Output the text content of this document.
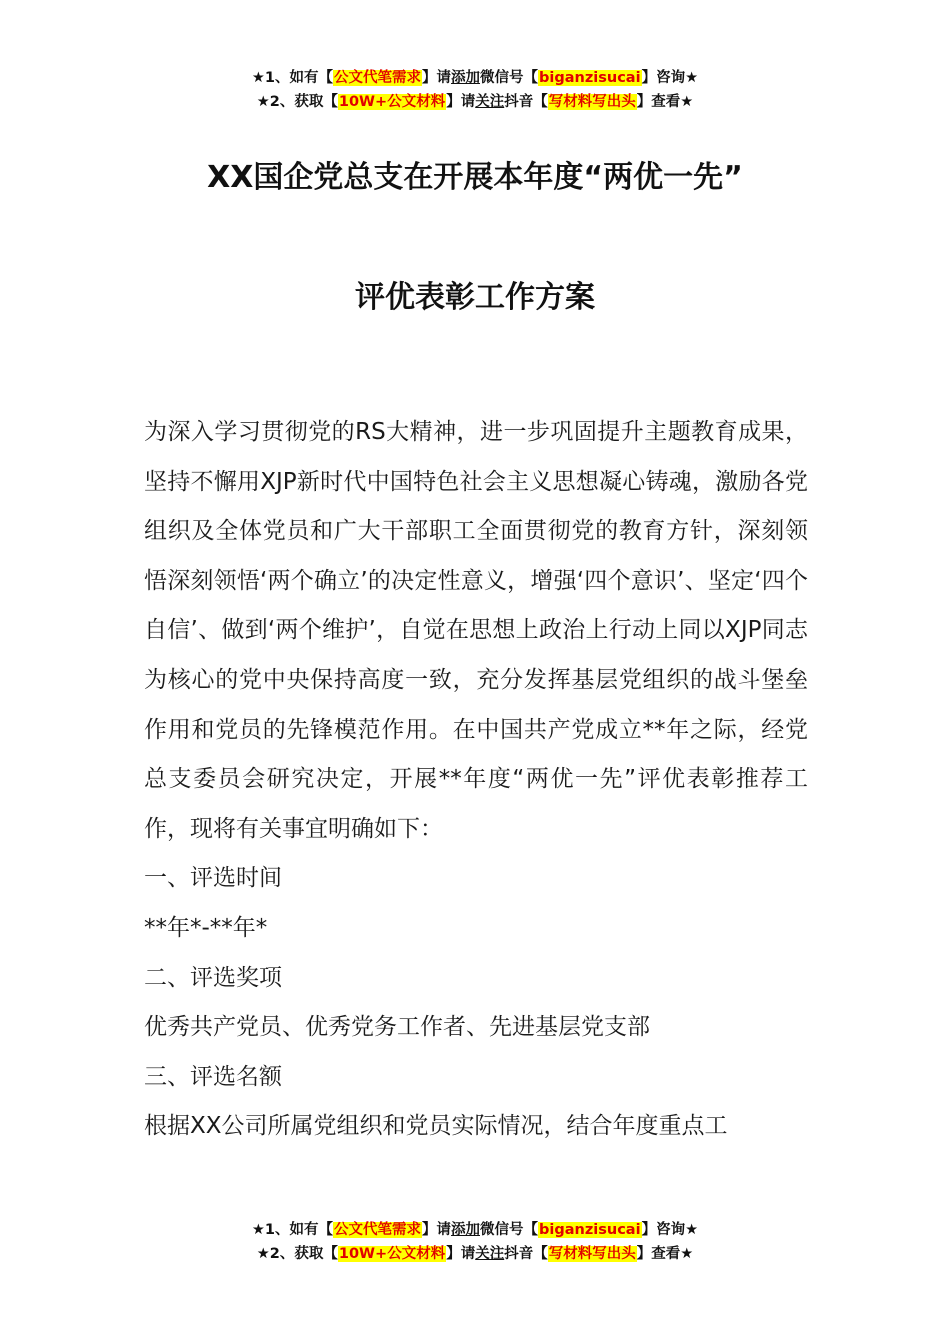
★1、如有【公文代笔需求】请添加微信号【biganzisucai】咨询★
★2、获取【10W+公文材料】请关注抖音【写材料写出头】查看★
XX国企党总支在开展本年度“两优一先”
评优表彰工作方案

为深入学习贯彻党的RS大精神，进一步巩固提升主题教育成果，坚持不懈用XJP新时代中国特色社会主义思想凝心铸魂，激励各党组织及全体党员和广大干部职工全面贯彻党的教育方针，深刻领悟深刻领悟‘两个确立’的决定性意义，增强‘四个意识’、坚定‘四个自信’、做到‘两个维护’，自觉在思想上政治上行动上同以XJP同志为核心的党中央保持高度一致，充分发挥基层党组织的战斗堡垒作用和党员的先锋模范作用。在中国共产党成立**年之际，经党总支委员会研究决定，开展**年度“两优一先”评优表彰推荐工作，现将有关事宜明确如下：

一、评选时间

**年*-**年*

二、评选奖项

优秀共产党员、优秀党务工作者、先进基层党支部

三、评选名额

根据XX公司所属党组织和党员实际情况，结合年度重点工

★1、如有【公文代笔需求】请添加微信号【biganzisucai】咨询★
★2、获取【10W+公文材料】请关注抖音【写材料写出头】查看★
